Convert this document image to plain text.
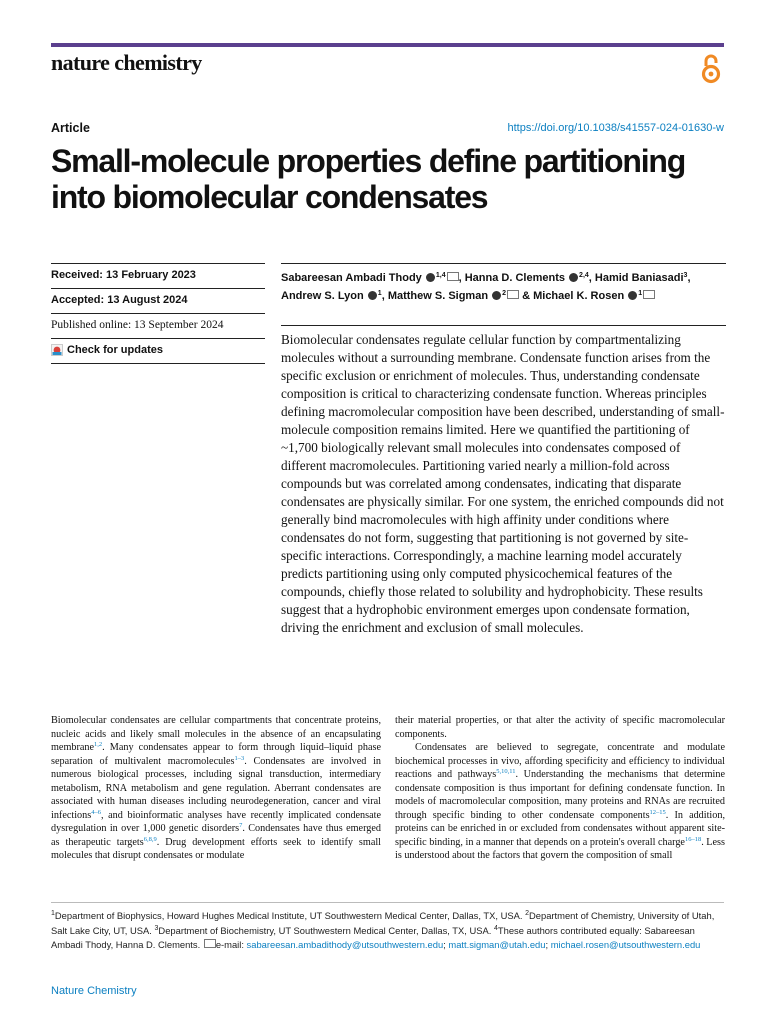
nature chemistry
Article	https://doi.org/10.1038/s41557-024-01630-w
Small-molecule properties define partitioning into biomolecular condensates
Received: 13 February 2023
Accepted: 13 August 2024
Published online: 13 September 2024
Check for updates
Sabareesan Ambadi Thody $^{1,4}$ , Hanna D. Clements $^{2,4}$, Hamid Baniasadi$^3$, Andrew S. Lyon $^1$, Matthew S. Sigman $^2$ & Michael K. Rosen $^1$

Biomolecular condensates regulate cellular function by compartmentalizing molecules without a surrounding membrane. Condensate function arises from the specific exclusion or enrichment of molecules. Thus, understanding condensate composition is critical to characterizing condensate function. Whereas principles defining macromolecular composition have been described, understanding of small-molecule composition remains limited. Here we quantified the partitioning of ~1,700 biologically relevant small molecules into condensates composed of different macromolecules. Partitioning varied nearly a million-fold across compounds but was correlated among condensates, indicating that disparate condensates are physically similar. For one system, the enriched compounds did not generally bind macromolecules with high affinity under conditions where condensates do not form, suggesting that partitioning is not governed by site-specific interactions. Correspondingly, a machine learning model accurately predicts partitioning using only computed physicochemical features of the compounds, chiefly those related to solubility and hydrophobicity. These results suggest that a hydrophobic environment emerges upon condensate formation, driving the enrichment and exclusion of small molecules.

Biomolecular condensates are cellular compartments that concentrate proteins, nucleic acids and likely small molecules in the absence of an encapsulating membrane$^{1,2}$. Many condensates appear to form through liquid–liquid phase separation of multivalent macromolecules$^{1-3}$. Condensates are involved in numerous biological processes, including signal transduction, intermediary metabolism, RNA metabolism and gene regulation. Aberrant condensates are associated with human diseases including neurodegeneration, cancer and viral infections$^{4-6}$, and bioinformatic analyses have recently implicated condensate dysregulation in over 1,000 genetic disorders$^7$. Condensates have thus emerged as therapeutic targets$^{6,8,9}$. Drug development efforts seek to identify small molecules that disrupt condensates or modulate

their material properties, or that alter the activity of specific macromolecular components.

Condensates are believed to segregate, concentrate and modulate biochemical processes in vivo, affording specificity and efficiency to individual reactions and pathways$^{5,10,11}$. Understanding the mechanisms that determine condensate composition is thus important for defining condensate function. In models of macromolecular composition, many proteins and RNAs are recruited through specific binding to other condensate components$^{12-15}$. In addition, proteins can be enriched in or excluded from condensates without apparent site-specific binding, in a manner that depends on a protein's overall charge$^{16-18}$. Less is understood about the factors that govern the composition of small

$^1$Department of Biophysics, Howard Hughes Medical Institute, UT Southwestern Medical Center, Dallas, TX, USA. $^2$Department of Chemistry, University of Utah, Salt Lake City, UT, USA. $^3$Department of Biochemistry, UT Southwestern Medical Center, Dallas, TX, USA. $^4$These authors contributed equally: Sabareesan Ambadi Thody, Hanna D. Clements. e-mail: sabareesan.ambadithody@utsouthwestern.edu; matt.sigman@utah.edu; michael.rosen@utsouthwestern.edu

Nature Chemistry
